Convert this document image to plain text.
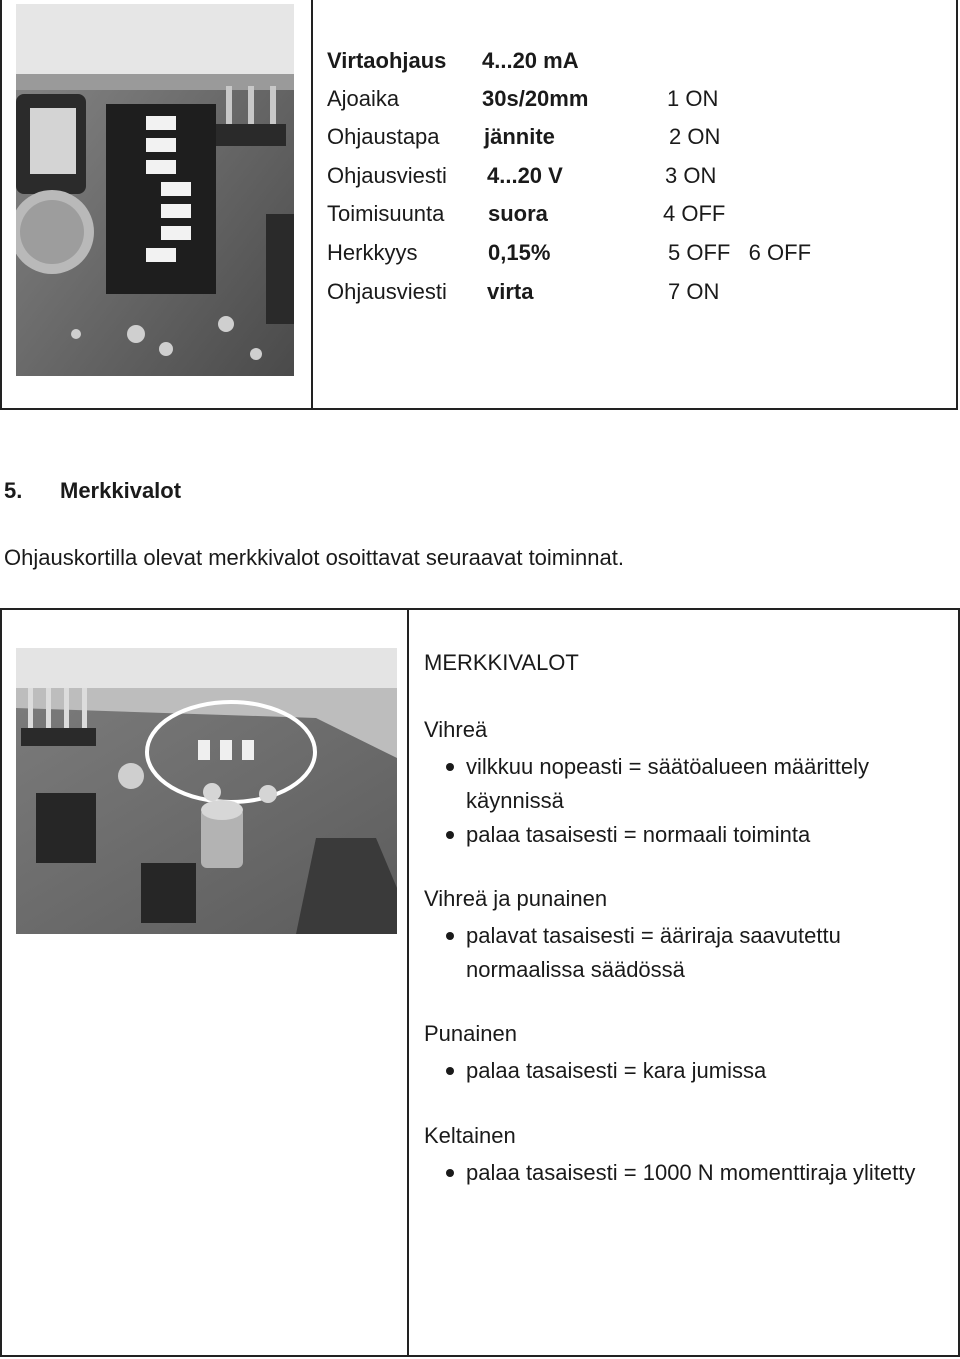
Virtaohjaus 4...20 mA
Ajoaika	30s/20mm	1 ON
Ohjaustapa jännite	2 ON
Ohjausviesti 4...20 V	3 ON
Toimisuunta suora	4 OFF
Herkkyys	0,15%	5 OFF   6 OFF
Ohjausviesti virta	7 ON
5. Merkkivalot
Ohjauskortilla olevat merkkivalot osoittavat seuraavat toiminnat.
MERKKIVALOT
Vihreä
vilkkuu nopeasti = säätöalueen määrittely käynnissä
palaa tasaisesti = normaali toiminta
Vihreä ja punainen
palavat tasaisesti = ääriraja saavutettu normaalissa säädössä
Punainen
palaa tasaisesti = kara jumissa
Keltainen
palaa tasaisesti = 1000 N momenttiraja ylitetty
